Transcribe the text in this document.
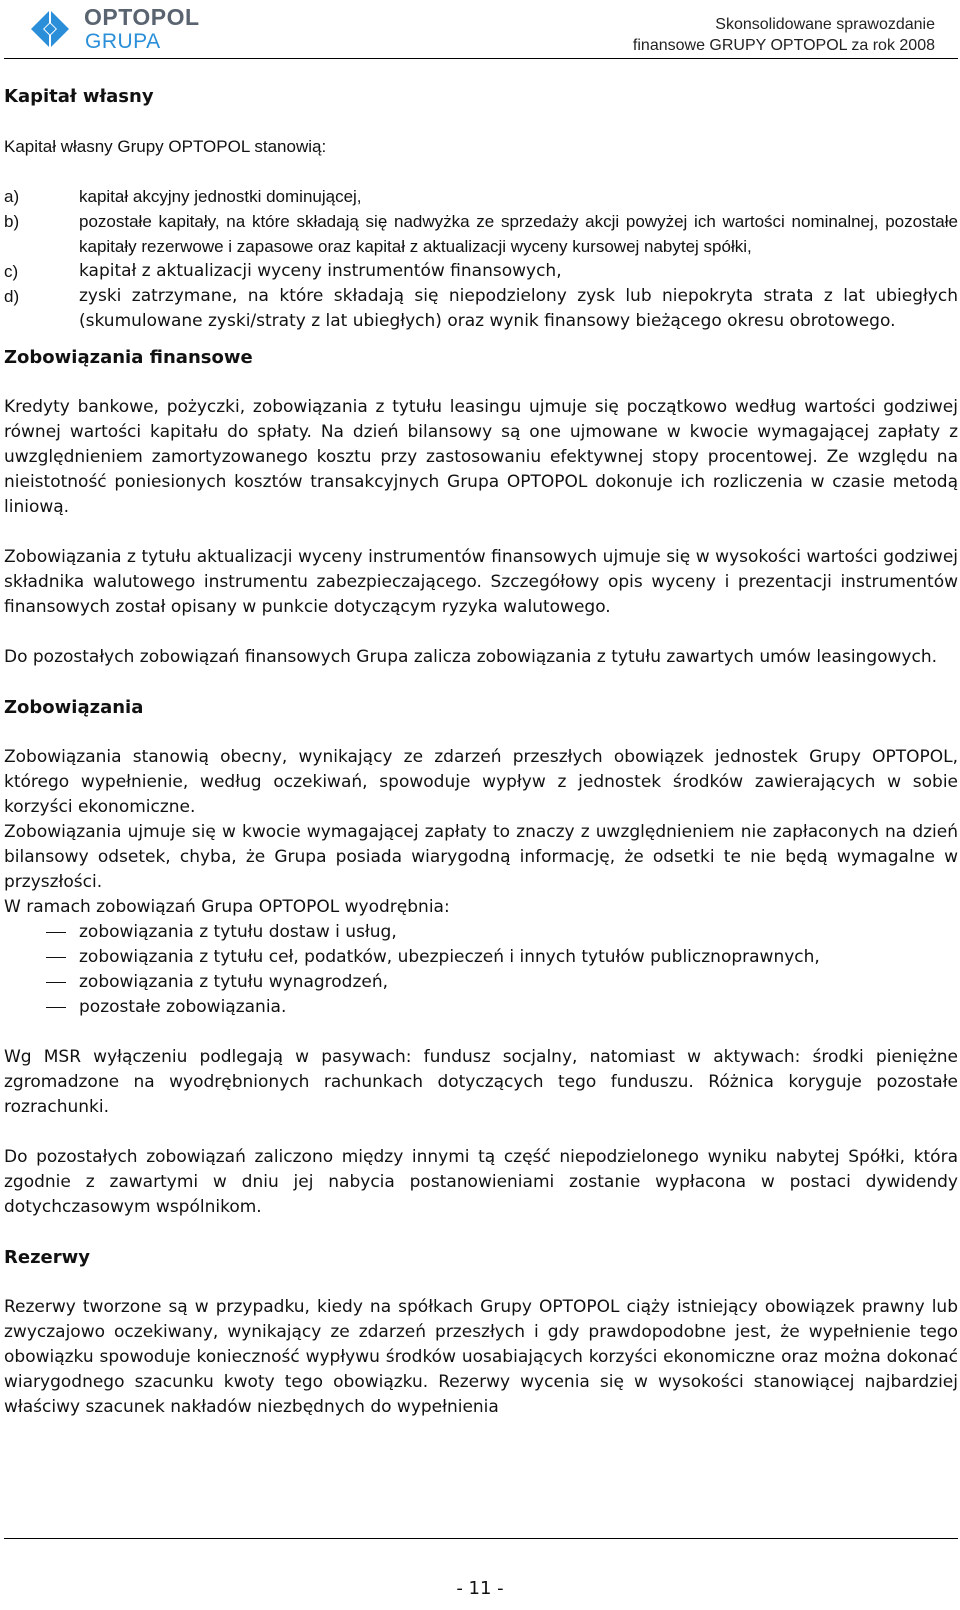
OPTOPOL
GRUPA
Skonsolidowane sprawozdanie
finansowe GRUPY OPTOPOL za rok 2008
Kapitał własny
Kapitał własny Grupy OPTOPOL stanowią:
a)	kapitał akcyjny jednostki dominującej,
b)	pozostałe kapitały, na które składają się nadwyżka ze sprzedaży akcji powyżej ich wartości nominalnej, pozostałe kapitały rezerwowe i zapasowe oraz kapitał z aktualizacji wyceny kursowej nabytej spółki,
c)	kapitał z aktualizacji wyceny instrumentów finansowych,
d)	zyski zatrzymane, na które składają się niepodzielony zysk lub niepokryta strata z lat ubiegłych (skumulowane zyski/straty z lat ubiegłych) oraz wynik finansowy bieżącego okresu obrotowego.
Zobowiązania finansowe
Kredyty bankowe, pożyczki, zobowiązania z tytułu leasingu ujmuje się początkowo według wartości godziwej równej wartości kapitału do spłaty. Na dzień bilansowy są one ujmowane w kwocie wymagającej zapłaty z uwzględnieniem zamortyzowanego kosztu przy zastosowaniu efektywnej stopy procentowej. Ze względu na nieistotność poniesionych kosztów transakcyjnych Grupa OPTOPOL dokonuje ich rozliczenia w czasie metodą liniową.
Zobowiązania z tytułu aktualizacji wyceny instrumentów finansowych ujmuje się w wysokości wartości godziwej składnika walutowego instrumentu zabezpieczającego. Szczegółowy opis wyceny i prezentacji instrumentów finansowych został opisany w punkcie dotyczącym ryzyka walutowego.
Do pozostałych zobowiązań finansowych Grupa zalicza zobowiązania z tytułu zawartych umów leasingowych.
Zobowiązania
Zobowiązania stanowią obecny, wynikający ze zdarzeń przeszłych obowiązek jednostek Grupy OPTOPOL, którego wypełnienie, według oczekiwań, spowoduje wypływ z jednostek środków zawierających w sobie korzyści ekonomiczne.
Zobowiązania ujmuje się w kwocie wymagającej zapłaty to znaczy z uwzględnieniem nie zapłaconych na dzień bilansowy odsetek, chyba, że Grupa posiada wiarygodną informację, że odsetki te nie będą wymagalne w przyszłości.
W ramach zobowiązań Grupa OPTOPOL wyodrębnia:
zobowiązania z tytułu dostaw i usług,
zobowiązania z tytułu ceł, podatków, ubezpieczeń i innych tytułów publicznoprawnych,
zobowiązania z tytułu wynagrodzeń,
pozostałe zobowiązania.
Wg MSR wyłączeniu podlegają w pasywach: fundusz socjalny, natomiast w aktywach: środki pieniężne zgromadzone na wyodrębnionych rachunkach dotyczących tego funduszu. Różnica koryguje pozostałe rozrachunki.
Do pozostałych zobowiązań zaliczono między innymi tą część niepodzielonego wyniku nabytej Spółki, która zgodnie z zawartymi w dniu jej nabycia postanowieniami zostanie wypłacona w postaci dywidendy dotychczasowym wspólnikom.
Rezerwy
Rezerwy tworzone są w przypadku, kiedy na spółkach Grupy OPTOPOL ciąży istniejący obowiązek prawny lub zwyczajowo oczekiwany, wynikający ze zdarzeń przeszłych i gdy prawdopodobne jest, że wypełnienie tego obowiązku spowoduje konieczność wypływu środków uosabiających korzyści ekonomiczne oraz można dokonać wiarygodnego szacunku kwoty tego obowiązku. Rezerwy wycenia się w wysokości stanowiącej najbardziej właściwy szacunek nakładów niezbędnych do wypełnienia
- 11 -
